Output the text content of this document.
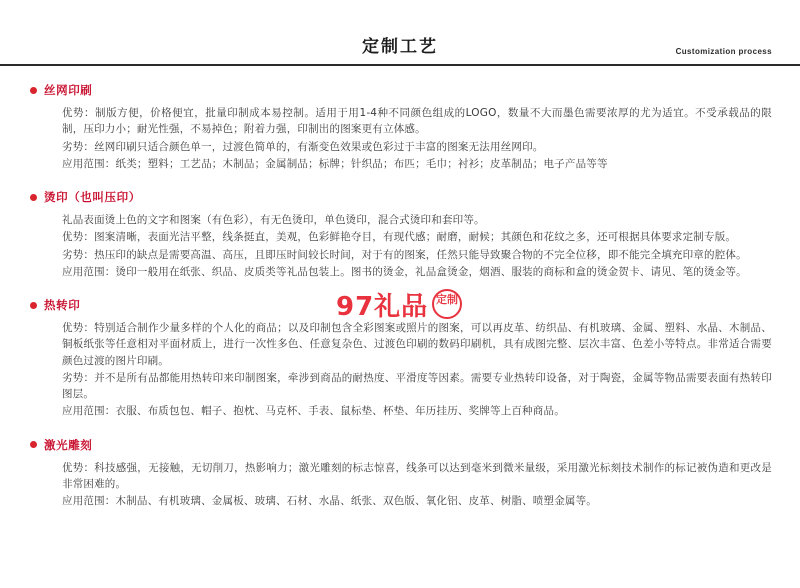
定制工艺	Customization process
丝网印刷
优势：制版方便，价格便宜，批量印制成本易控制。适用于用1-4种不同颜色组成的LOGO，数量不大而墨色需要浓厚的尤为适宜。不受承载品的限制，压印力小；耐光性强，不易掉色；附着力强，印制出的图案更有立体感。
劣势：丝网印刷只适合颜色单一，过渡色简单的，有渐变色效果或色彩过于丰富的图案无法用丝网印。
应用范围：纸类；塑料；工艺品；木制品；金属制品；标牌；针织品；布匹；毛巾；衬衫；皮革制品；电子产品等等
烫印（也叫压印）
礼品表面烫上色的文字和图案（有色彩），有无色烫印，单色烫印，混合式烫印和套印等。
优势：图案清晰，表面光洁平整，线条挺直，美观，色彩鲜艳夺目，有现代感；耐磨，耐候；其颜色和花纹之多，还可根据具体要求定制专版。
劣势：热压印的缺点是需要高温、高压，且即压时间较长时间，对于有的图案，任然只能导致聚合物的不完全位移，即不能完全填充印章的腔体。
应用范围：烫印一般用在纸张、织品、皮质类等礼品包装上。图书的烫金，礼品盒烫金，烟酒、服装的商标和盒的烫金贺卡、请见、笔的烫金等。
热转印
优势：特别适合制作少量多样的个人化的商品；以及印制包含全彩图案或照片的图案，可以再皮革、纺织品、有机玻璃、金属、塑料、水晶、木制品、铜板纸张等任意相对平面材质上，进行一次性多色、任意复杂色、过渡色印刷的数码印刷机，具有成图完整、层次丰富、色差小等特点。非常适合需要颜色过渡的图片印刷。
劣势：并不是所有品都能用热转印来印制图案，牵涉到商品的耐热度、平滑度等因素。需要专业热转印设备，对于陶瓷，金属等物品需要表面有热转印图层。
应用范围：衣服、布质包包、帽子、抱枕、马克杯、手表、鼠标垫、杯垫、年历挂历、奖牌等上百种商品。
激光雕刻
优势：科技感强，无接触，无切削刀，热影响力；激光雕刻的标志惊喜，线条可以达到毫米到微米量级，采用激光标刻技术制作的标记被伪造和更改是非常困难的。
应用范围：木制品、有机玻璃、金属板、玻璃、石材、水晶、纸张、双色版、氧化铝、皮革、树脂、喷塑金属等。
97礼品 定制
